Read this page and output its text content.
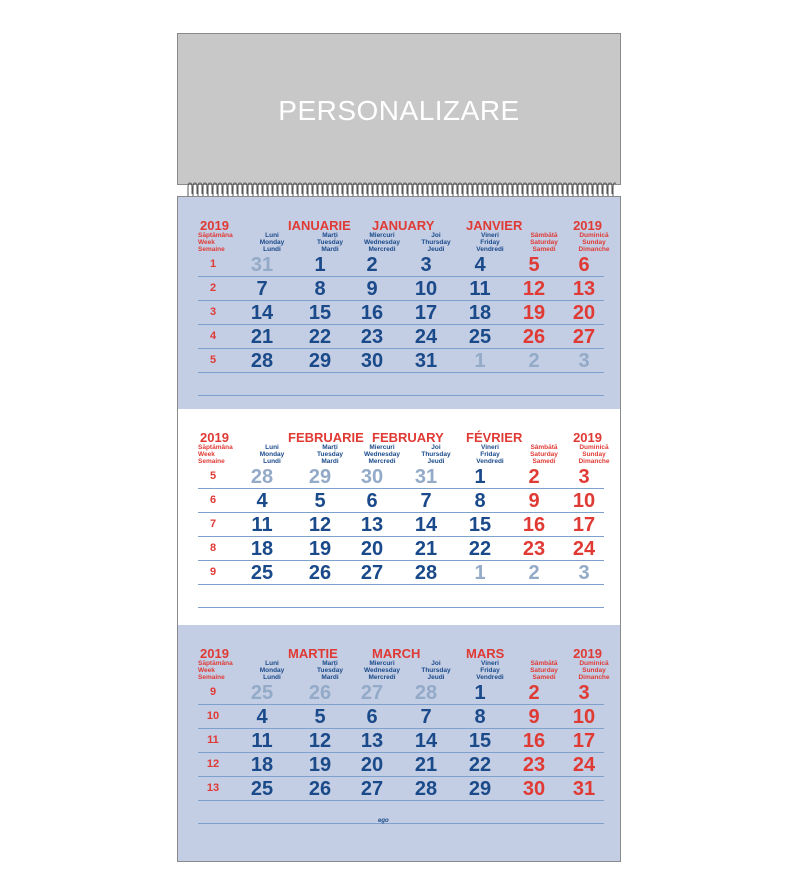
PERSONALIZARE
2019	2019
IANUARIE JANUARY JANVIER
Săptămâna
Week
Semaine
Luni
Monday
Lundi
Marți
Tuesday
Mardi
Miercuri
Wednesday
Mercredi
Joi
Thursday
Jeudi
Vineri
Friday
Vendredi
Sâmbătă
Saturday
Samedi
Duminică
Sunday
Dimanche
1	31	1	2	3	4	5	6
2	7	8	9	10	11	12	13
3	14	15	16	17	18	19	20
4	21	22	23	24	25	26	27
5	28	29	30	31	1	2	3
2019	2019
FEBRUARIE FEBRUARY FÉVRIER
Săptămâna
Week
Semaine
Luni
Monday
Lundi
Marți
Tuesday
Mardi
Miercuri
Wednesday
Mercredi
Joi
Thursday
Jeudi
Vineri
Friday
Vendredi
Sâmbătă
Saturday
Samedi
Duminică
Sunday
Dimanche
5	28	29	30	31	1	2	3
6	4	5	6	7	8	9	10
7	11	12	13	14	15	16	17
8	18	19	20	21	22	23	24
9	25	26	27	28	1	2	3
2019	2019
MARTIE	MARCH	MARS
Săptămâna
Week
Semaine
Luni
Monday
Lundi
Marți
Tuesday
Mardi
Miercuri
Wednesday
Mercredi
Joi
Thursday
Jeudi
Vineri
Friday
Vendredi
Sâmbătă
Saturday
Samedi
Duminică
Sunday
Dimanche
9	25	26	27	28	1	2	3
10	4	5	6	7	8	9	10
11	11	12	13	14	15	16	17
12	18	19	20	21	22	23	24
13	25	26	27	28	29	30	31
ego
